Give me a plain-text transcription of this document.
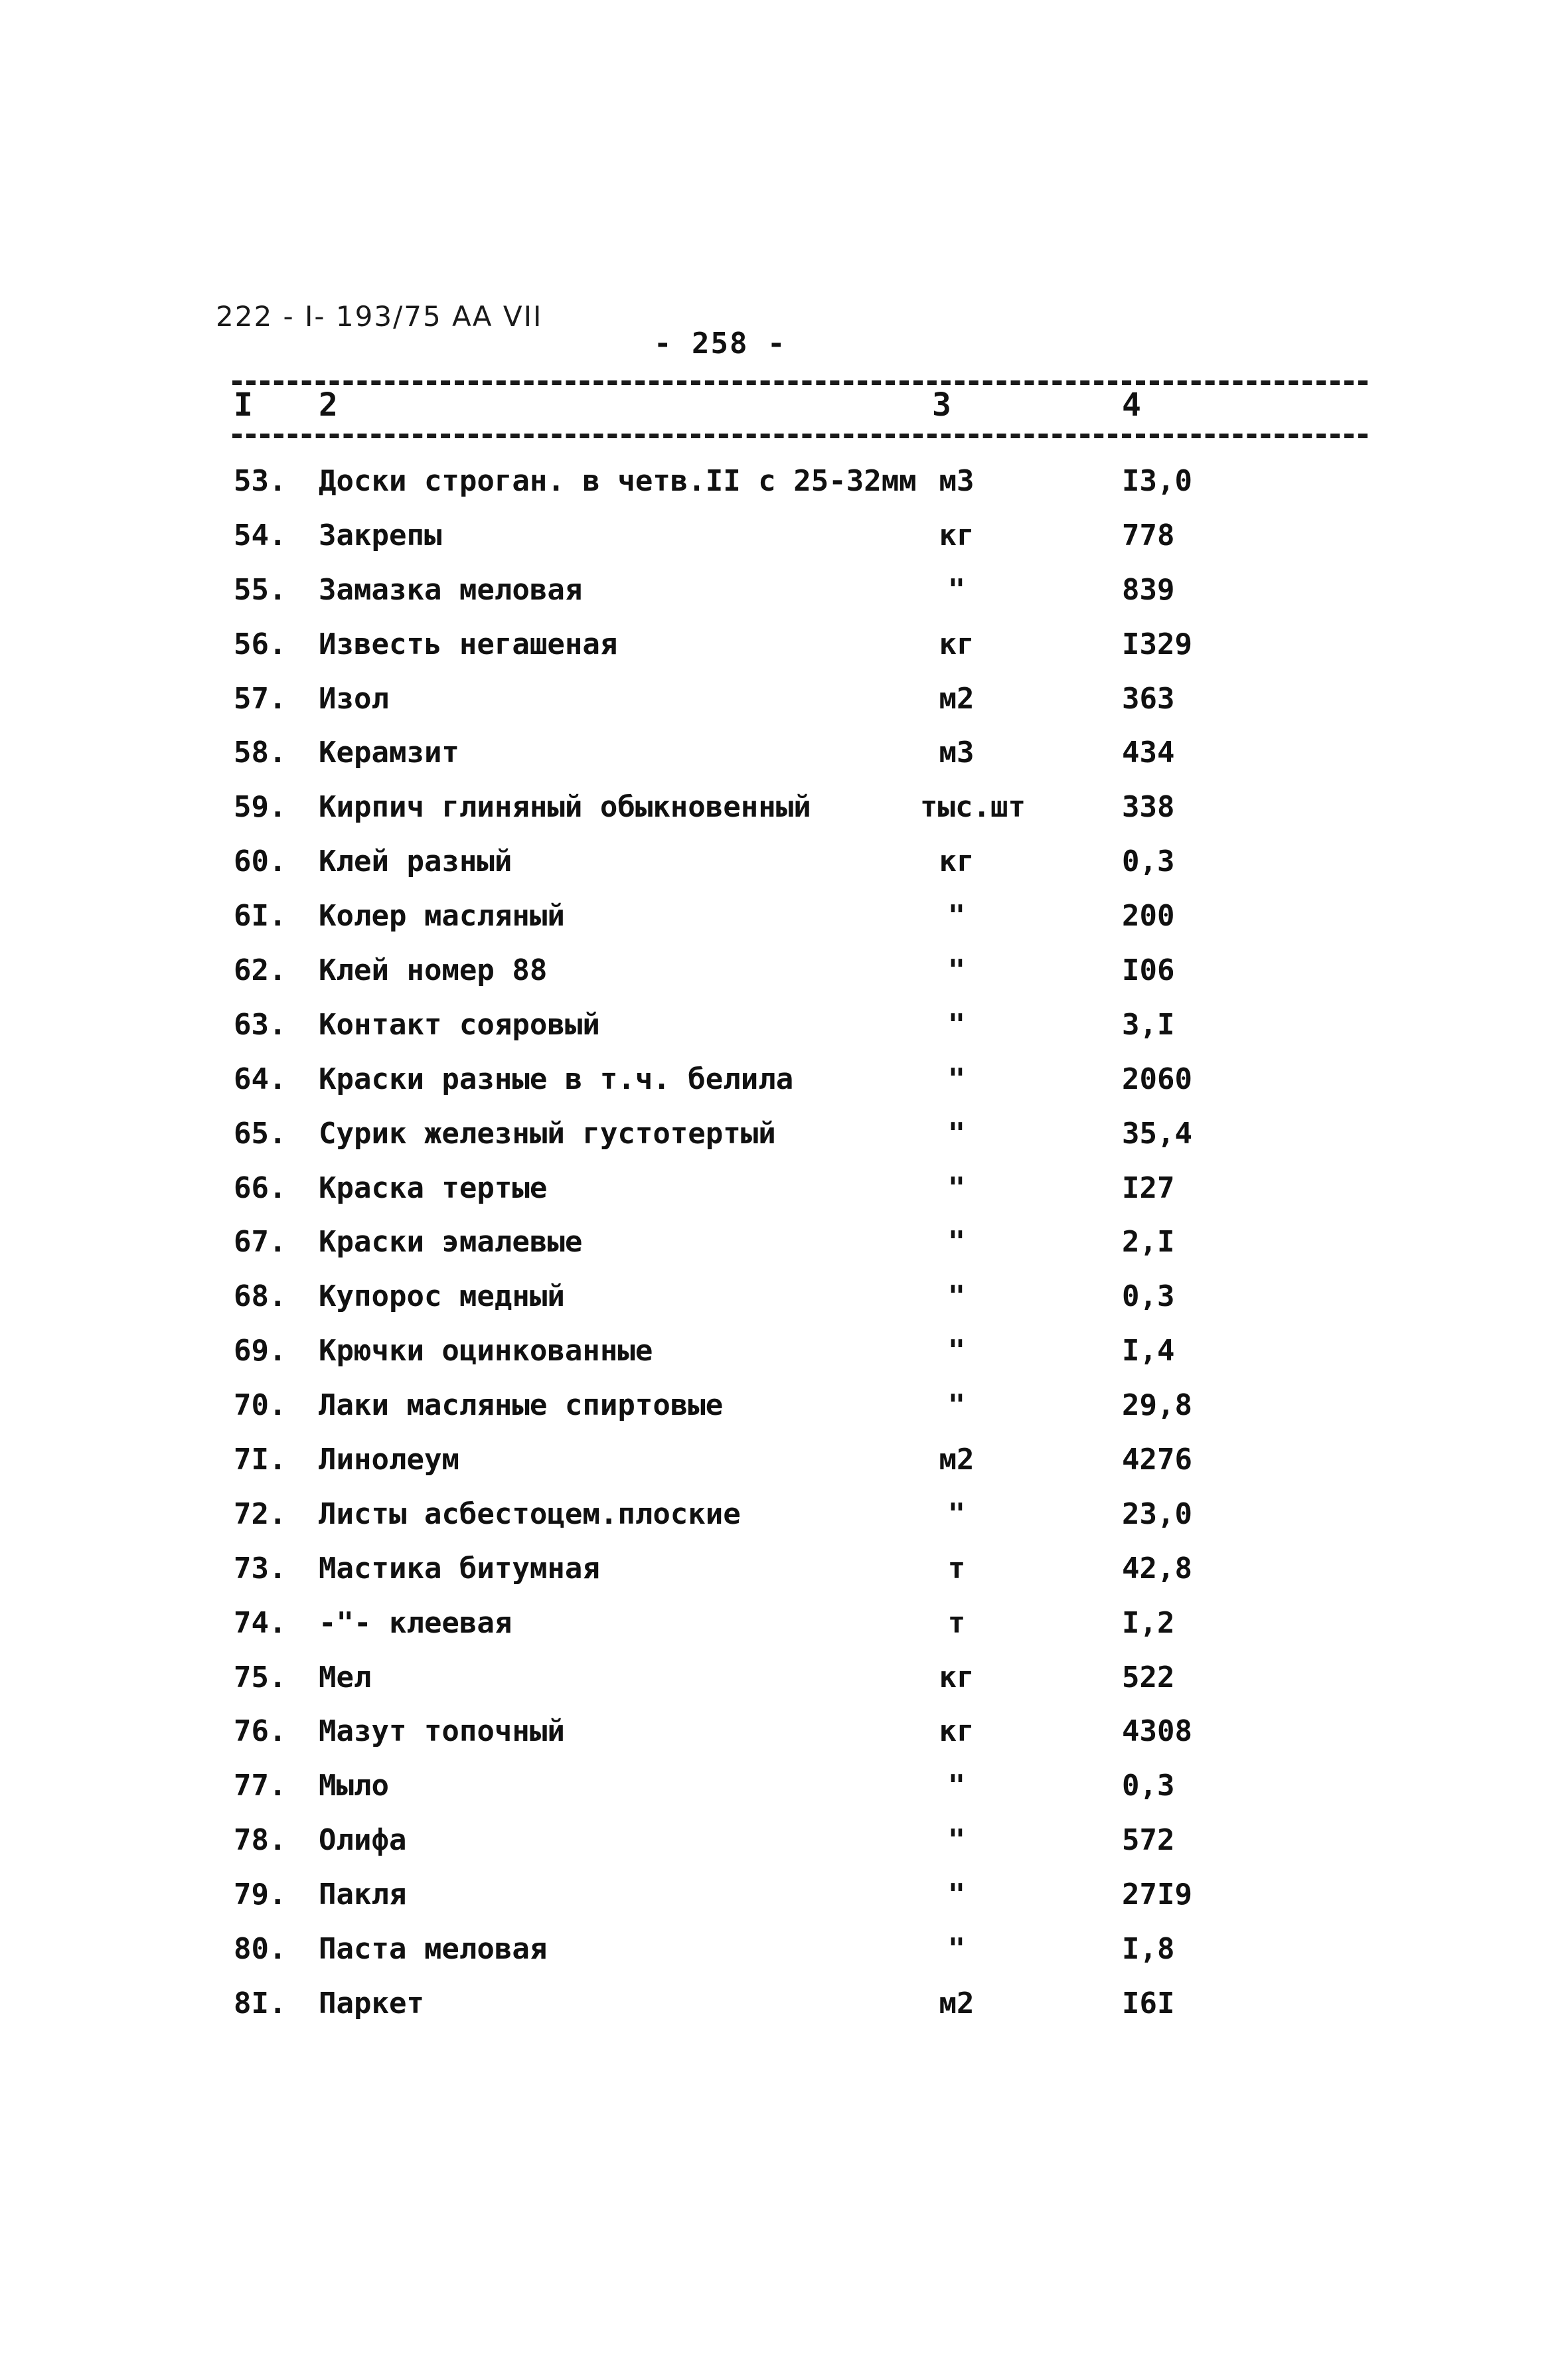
222 - I- 193/75 АА VII
- 258 -
I 2	3	4
53. Доски строган. в четв.II с 25-32мм м3	I3,0
54. Закрепы	кг	778
55. Замазка меловая	"	839
56. Известь негашеная	кг	I329
57. Изол	м2	363
58. Керамзит	м3	434
59. Кирпич глиняный обыкновенный	тыс.шт	338
60. Клей разный	кг	0,3
6I. Колер масляный	"	200
62. Клей номер 88	"	I06
63. Контакт сояровый	"	3,I
64. Краски разные в т.ч. белила	"	2060
65. Сурик железный густотертый	"	35,4
66. Краска тертые	"	I27
67. Краски эмалевые	"	2,I
68. Купорос медный	"	0,3
69. Крючки оцинкованные	"	I,4
70. Лаки масляные спиртовые	"	29,8
7I. Линолеум	м2	4276
72. Листы асбестоцем.плоские	"	23,0
73. Мастика битумная	т	42,8
74. -"- клеевая	т	I,2
75. Мел	кг	522
76. Мазут топочный	кг	4308
77. Мыло	"	0,3
78. Олифа	"	572
79. Пакля	"	27I9
80. Паста меловая	"	I,8
8I. Паркет	м2	I6I
